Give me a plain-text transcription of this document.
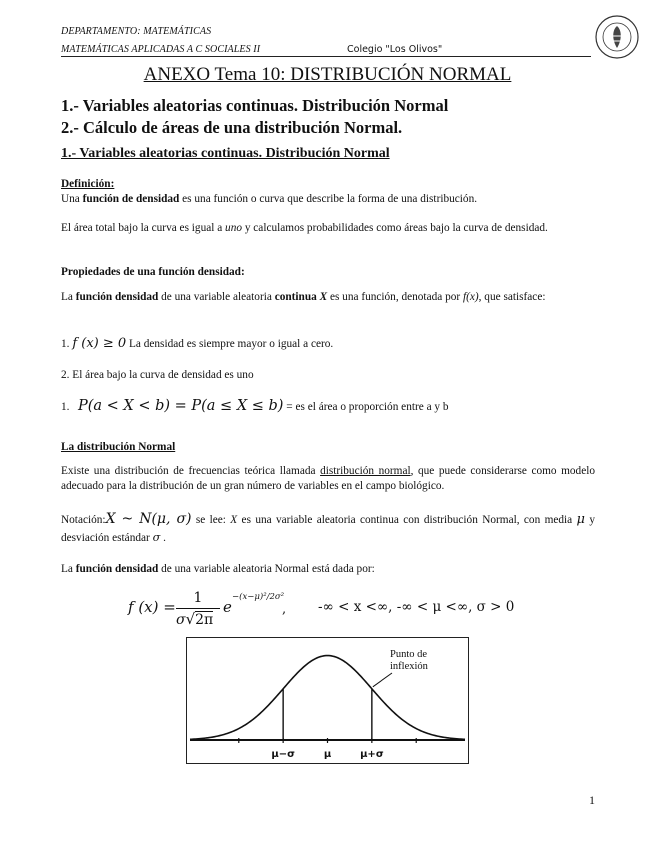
DEPARTAMENTO: MATEMÁTICAS
MATEMÁTICAS APLICADAS A C SOCIALES II	Colegio "Los Olivos"
ANEXO Tema 10: DISTRIBUCIÓN NORMAL
1.- Variables aleatorias continuas. Distribución Normal
2.- Cálculo de áreas de una distribución Normal.
1.- Variables aleatorias continuas. Distribución Normal
Definición:
Una función de densidad es una función o curva que describe la forma de una distribución.
El área total bajo la curva es igual a uno y calculamos probabilidades como áreas bajo la curva de densidad.
Propiedades de una función densidad:
La función densidad de una variable aleatoria continua X es una función, denotada por f(x), que satisface:
1. f (x) ≥ 0 La densidad es siempre mayor o igual a cero.
2. El área bajo la curva de densidad es uno
1. P(a < X < b) = P(a ≤ X ≤ b) = es el área o proporción entre a y b
La distribución Normal
Existe una distribución de frecuencias teórica llamada distribución normal, que puede considerarse como modelo adecuado para la distribución de un gran número de variables en el campo biológico.
Notación:X ~ N(μ, σ) se lee: X es una variable aleatoria continua con distribución Normal, con media μ y desviación estándar σ .
La función densidad de una variable aleatoria Normal está dada por:
f (x) =	1
σ√2π
e
−(x−μ)²/2σ²
, -∞ < x <∞, -∞ < μ <∞, σ > 0
μ−σ	μ	μ+σ
Punto de
inflexión
1
